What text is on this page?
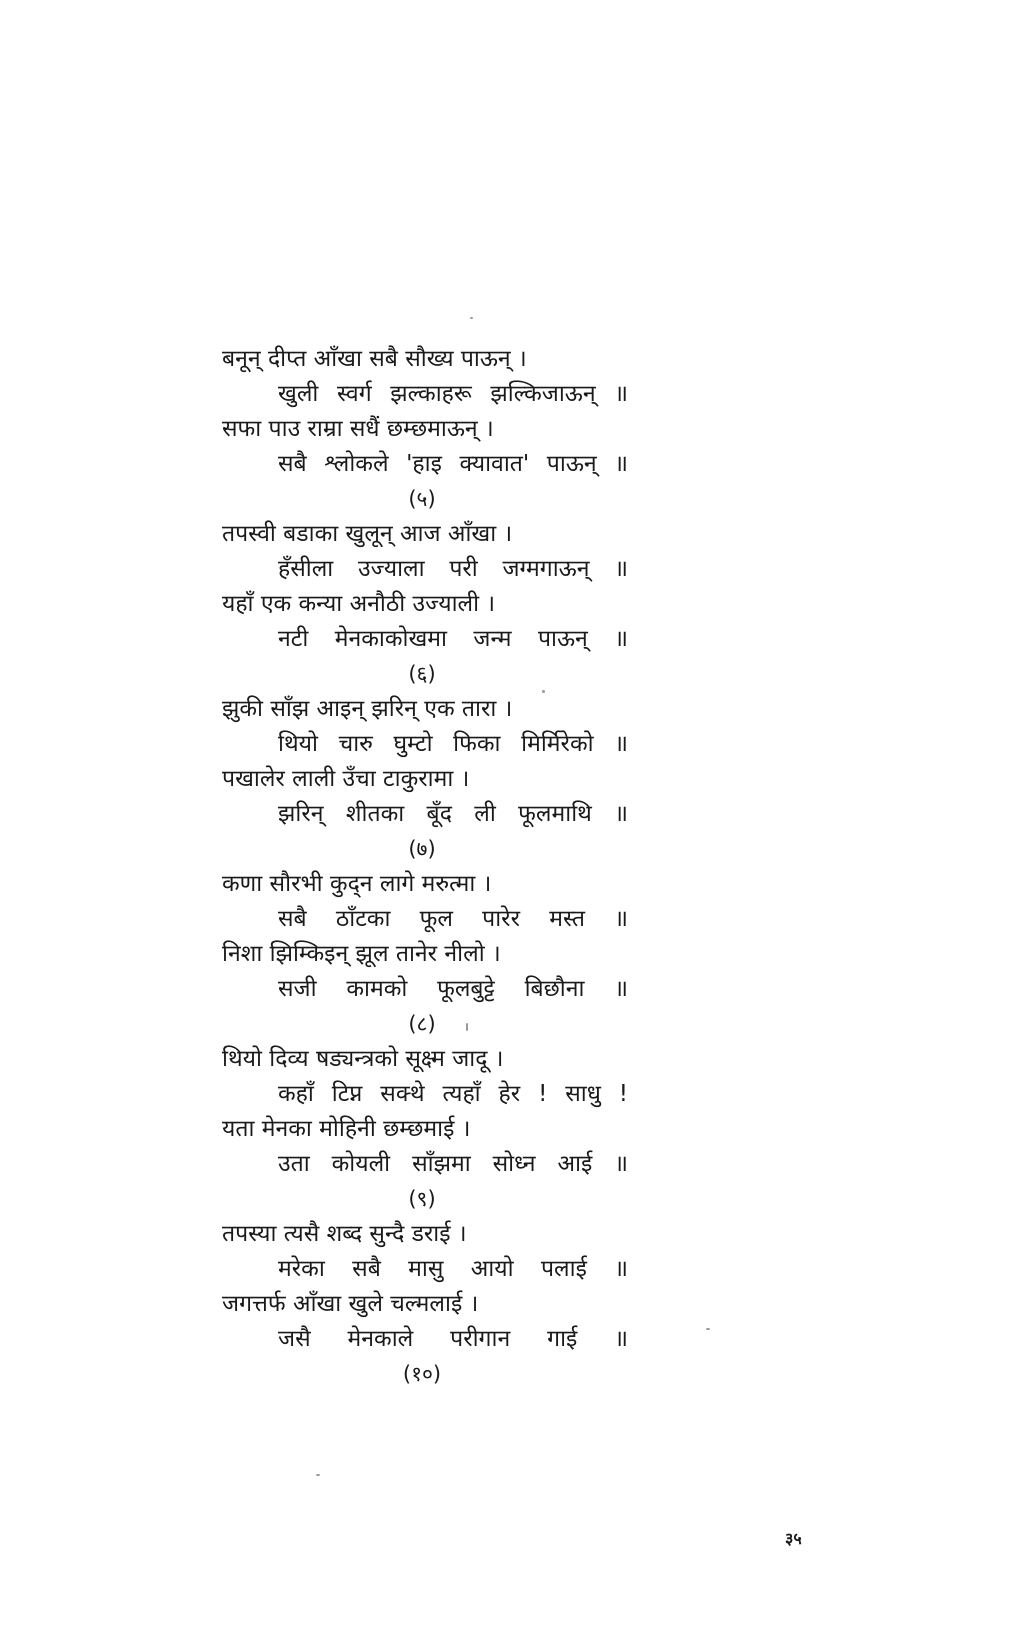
बनून् दीप्त आँखा सबै सौख्य पाऊन् ।
खुली स्वर्ग झल्काहरू झल्किजाऊन् ॥
सफा पाउ राम्रा सधैं छम्छमाऊन् ।
सबै श्लोकले 'हाइ क्यावात' पाऊन् ॥
(५)
तपस्वी बडाका खुलून् आज आँखा ।
हँसीला उज्याला परी जग्मगाऊन् ॥
यहाँ एक कन्या अनौठी उज्याली ।
नटी मेनकाकोखमा जन्म पाऊन् ॥
(६)
झुकी साँझ आइन् झरिन् एक तारा ।
थियो चारु घुम्टो फिका मिर्मिरेको ॥
पखालेर लाली उँचा टाकुरामा ।
झरिन् शीतका बूँद ली फूलमाथि ॥
(७)
कणा सौरभी कुद्न लागे मरुत्मा ।
सबै ठाँटका फूल पारेर मस्त ॥
निशा झिम्किइन् झूल तानेर नीलो ।
सजी कामको फूलबुट्टे बिछौना ॥
(८)
थियो दिव्य षड्यन्त्रको सूक्ष्म जादू ।
कहाँ टिप्न सक्थे त्यहाँ हेर ! साधु !
यता मेनका मोहिनी छम्छमाई ।
उता कोयली साँझमा सोध्न आई ॥
(९)
तपस्या त्यसै शब्द सुन्दै डराई ।
मरेका सबै मासु आयो पलाई ॥
जगत्तर्फ आँखा खुले चल्मलाई ।
जसै मेनकाले परीगान गाई ॥
(१०)
३५
